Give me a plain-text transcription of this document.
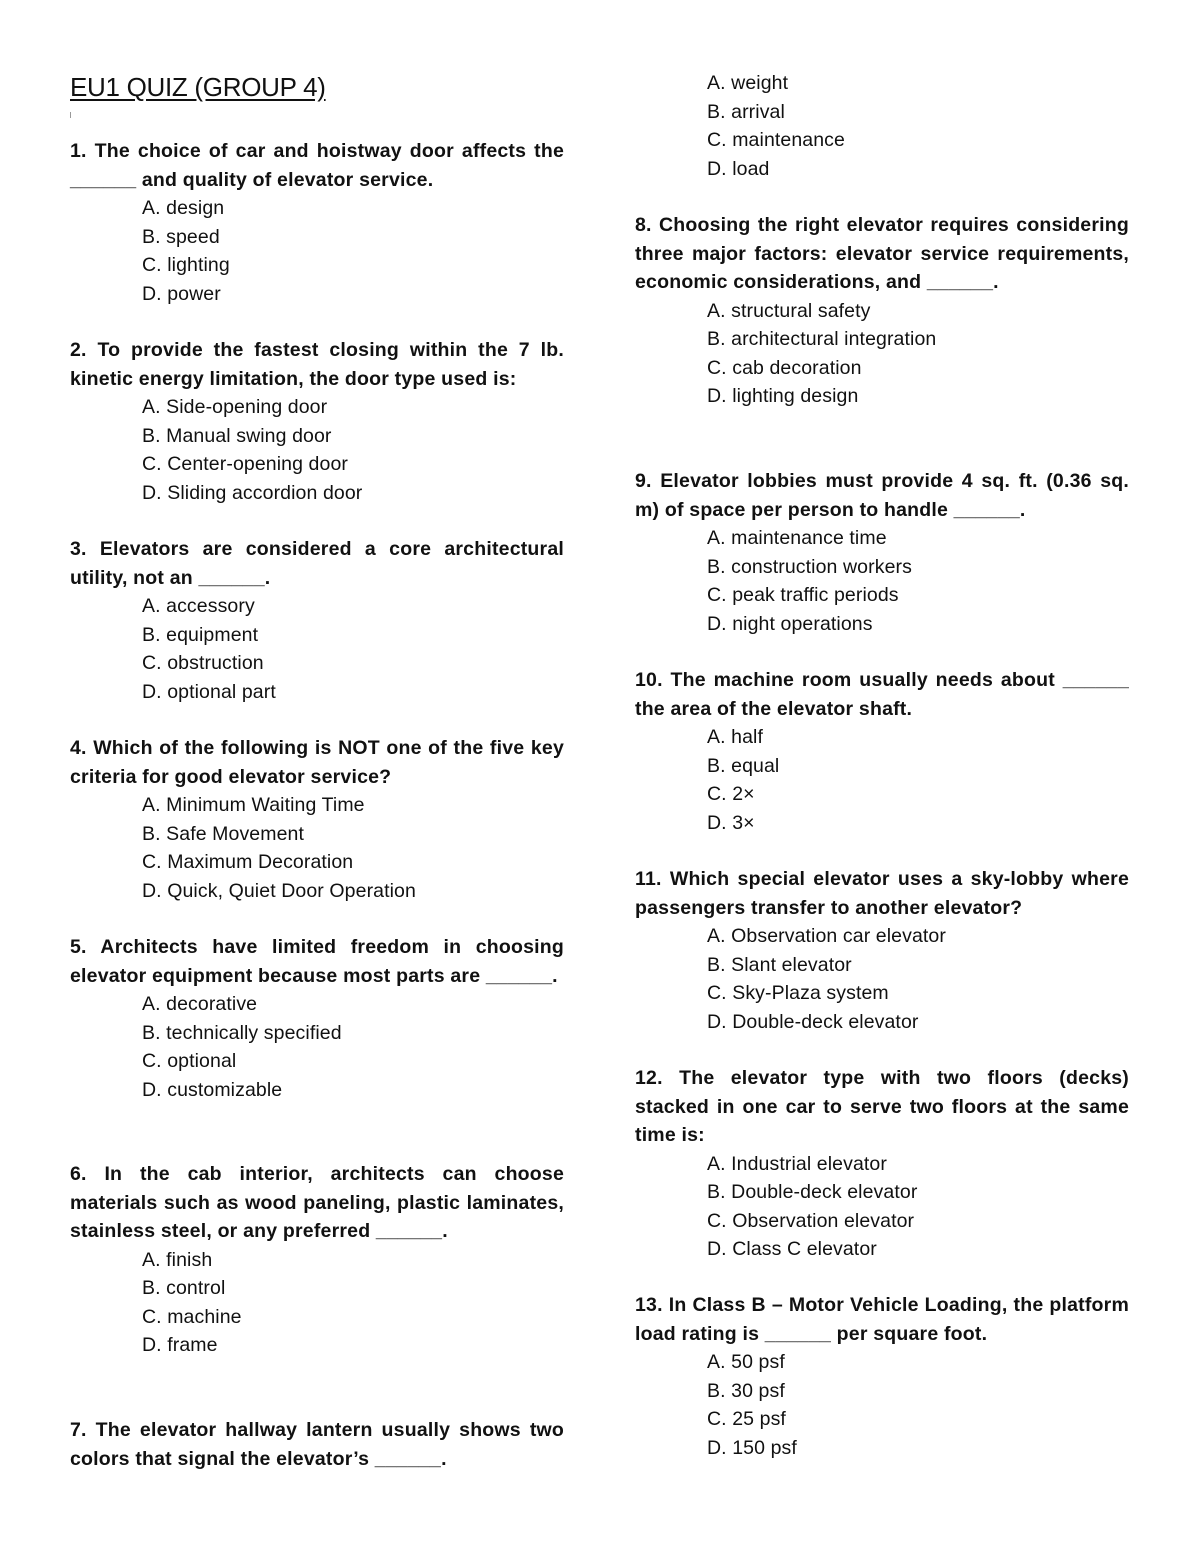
EU1 QUIZ (GROUP 4)
1. The choice of car and hoistway door affects the ______ and quality of elevator service.
A. design
B. speed
C. lighting
D. power
2. To provide the fastest closing within the 7 lb. kinetic energy limitation, the door type used is:
A. Side-opening door
B. Manual swing door
C. Center-opening door
D. Sliding accordion door
3. Elevators are considered a core architectural utility, not an ______.
A. accessory
B. equipment
C. obstruction
D. optional part
4. Which of the following is NOT one of the five key criteria for good elevator service?
A. Minimum Waiting Time
B. Safe Movement
C. Maximum Decoration
D. Quick, Quiet Door Operation
5. Architects have limited freedom in choosing elevator equipment because most parts are ______.
A. decorative
B. technically specified
C. optional
D. customizable
6. In the cab interior, architects can choose materials such as wood paneling, plastic laminates, stainless steel, or any preferred ______.
A. finish
B. control
C. machine
D. frame
7. The elevator hallway lantern usually shows two colors that signal the elevator’s ______.
A. weight
B. arrival
C. maintenance
D. load
8. Choosing the right elevator requires considering three major factors: elevator service requirements, economic considerations, and ______.
A. structural safety
B. architectural integration
C. cab decoration
D. lighting design
9. Elevator lobbies must provide 4 sq. ft. (0.36 sq. m) of space per person to handle ______.
A. maintenance time
B. construction workers
C. peak traffic periods
D. night operations
10. The machine room usually needs about ______ the area of the elevator shaft.
A. half
B. equal
C. 2×
D. 3×
11. Which special elevator uses a sky-lobby where passengers transfer to another elevator?
A. Observation car elevator
B. Slant elevator
C. Sky-Plaza system
D. Double-deck elevator
12. The elevator type with two floors (decks) stacked in one car to serve two floors at the same time is:
A. Industrial elevator
B. Double-deck elevator
C. Observation elevator
D. Class C elevator
13. In Class B – Motor Vehicle Loading, the platform load rating is ______ per square foot.
A. 50 psf
B. 30 psf
C. 25 psf
D. 150 psf
